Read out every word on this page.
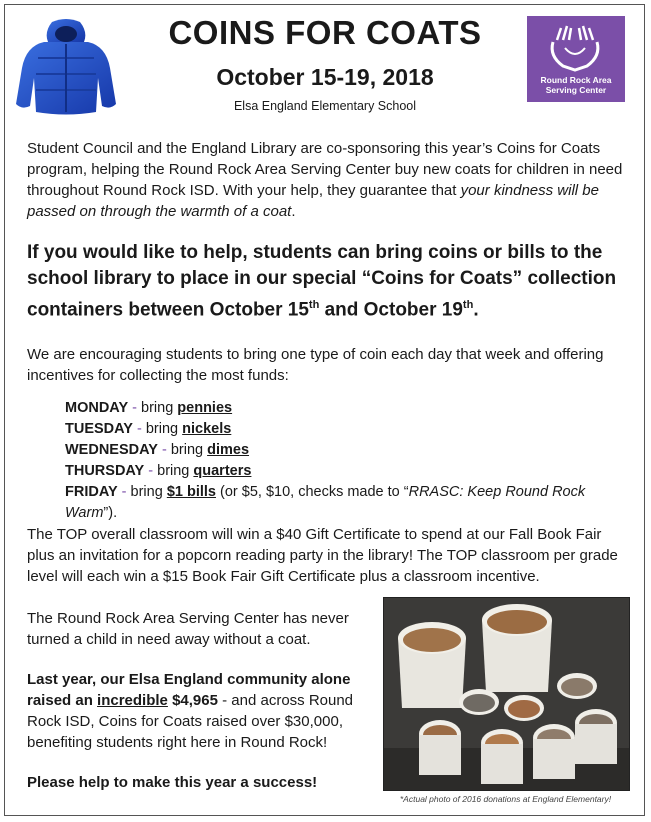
Round Rock Area
Serving Center
COINS FOR COATS
October 15-19, 2018
Elsa England Elementary School
Student Council and the England Library are co-sponsoring this year’s Coins for Coats program, helping the Round Rock Area Serving Center buy new coats for children in need throughout Round Rock ISD. With your help, they guarantee that your kindness will be passed on through the warmth of a coat.
If you would like to help, students can bring coins or bills to the school library to place in our special “Coins for Coats” collection containers between October 15th and October 19th.
We are encouraging students to bring one type of coin each day that week and offering incentives for collecting the most funds:
MONDAY - bring pennies
TUESDAY - bring nickels
WEDNESDAY - bring dimes
THURSDAY - bring quarters
FRIDAY - bring $1 bills (or $5, $10, checks made to “RRASC: Keep Round Rock Warm”).
The TOP overall classroom will win a $40 Gift Certificate to spend at our Fall Book Fair plus an invitation for a popcorn reading party in the library! The TOP classroom per grade level will each win a $15 Book Fair Gift Certificate plus a classroom incentive.
The Round Rock Area Serving Center has never turned a child in need away without a coat.
Last year, our Elsa England community alone raised an incredible $4,965 - and across Round Rock ISD, Coins for Coats raised over $30,000, benefiting students right here in Round Rock!
Please help to make this year a success!
*Actual photo of 2016 donations at England Elementary!
